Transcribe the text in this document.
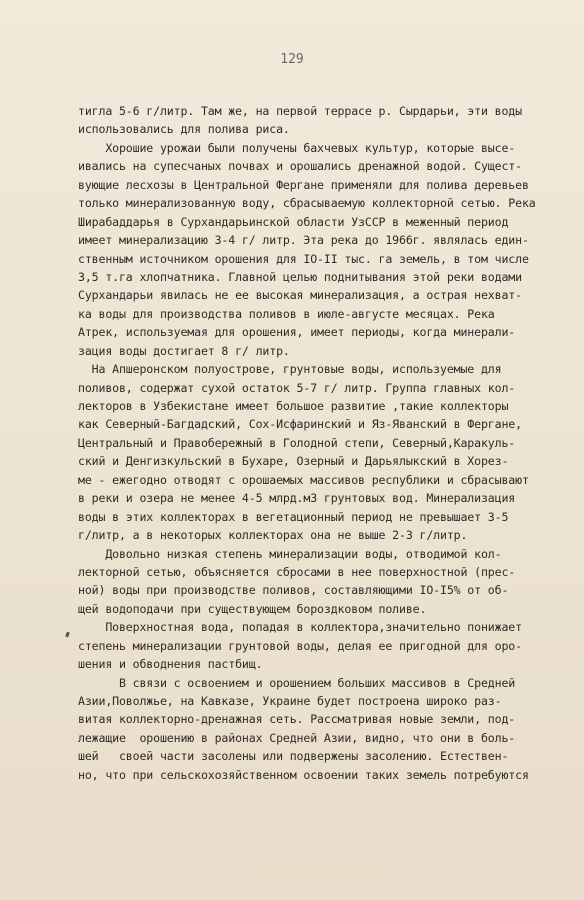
129
тигла 5-6 г/литр. Там же, на первой террасе р. Сырдарьи, эти воды
использовались для полива риса.
Хорошие урожаи были получены бахчевых культур, которые высе-
ивались на супесчаных почвах и орошались дренажной водой. Сущест-
вующие лесхозы в Центральной Фергане применяли для полива деревьев
только минерализованную воду, сбрасываемую коллекторной сетью. Река
Ширабаддарья в Сурхандарьинской области УзССР в меженный период
имеет минерализацию 3-4 г/ литр. Эта река до 1966г. являлась един-
ственным источником орошения для IO-II тыс. га земель, в том числе
3,5 т.га хлопчатника. Главной целью поднитывания этой реки водами
Сурхандарьи явилась не ее высокая минерализация, а острая нехват-
ка воды для производства поливов в июле-августе месяцах. Река
Атрек, используемая для орошения, имеет периоды, когда минерали-
зация воды достигает 8 г/ литр.
На Апшеронском полуострове, грунтовые воды, используемые для
поливов, содержат сухой остаток 5-7 г/ литр. Группа главных кол-
лекторов в Узбекистане имеет большое развитие ,такие коллекторы
как Северный-Багдадский, Сох-Исфаринский и Яз-Яванский в Фергане,
Центральный и Правобережный в Голодной степи, Северный,Каракуль-
ский и Денгизкульский в Бухаре, Озерный и Дарьялыкский в Хорез-
ме - ежегодно отводят с орошаемых массивов республики и сбрасывают
в реки и озера не менее 4-5 млрд.м3 грунтовых вод. Минерализация
воды в этих коллекторах в вегетационный период не превышает 3-5
г/литр, а в некоторых коллекторах она не выше 2-3 г/литр.
Довольно низкая степень минерализации воды, отводимой кол-
лекторной сетью, объясняется сбросами в нее поверхностной (прес-
ной) воды при производстве поливов, составляющими IO-I5% от об-
щей водоподачи при существующем бороздковом поливе.
Поверхностная вода, попадая в коллектора,значительно понижает
степень минерализации грунтовой воды, делая ее пригодной для оро-
шения и обводнения пастбищ.
В связи с освоением и орошением больших массивов в Средней
Азии,Поволжье, на Кавказе, Украине будет построена широко раз-
витая коллекторно-дренажная сеть. Рассматривая новые земли, под-
лежащие  орошению в районах Средней Азии, видно, что они в боль-
шей   своей части засолены или подвержены засолению. Естествен-
но, что при сельскохозяйственном освоении таких земель потребуются
